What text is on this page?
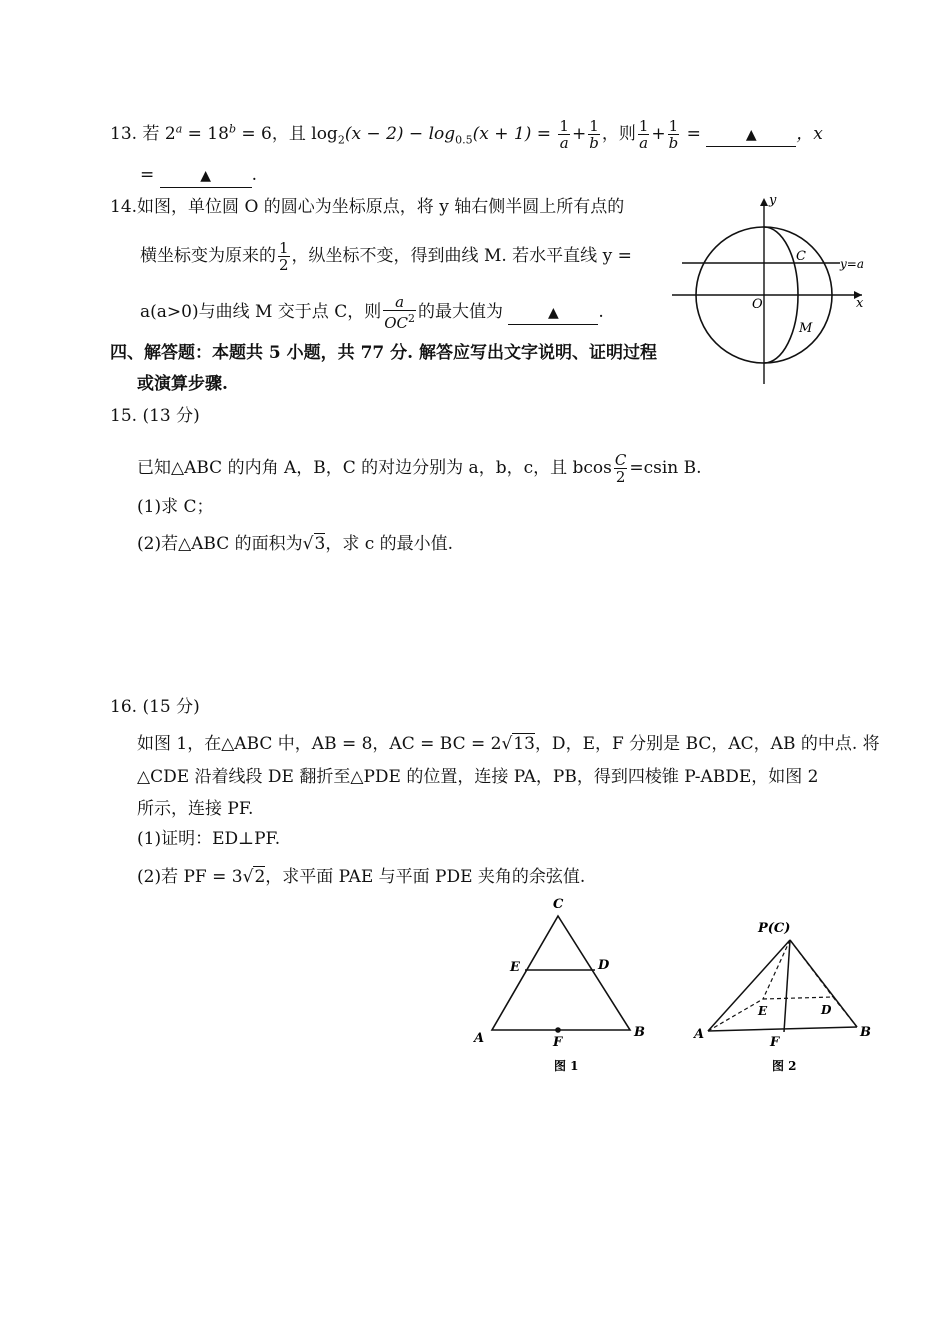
13. 若 $2^a = 18^b = 6$，且 $\log_2(x - 2) - \log_{0.5}(x + 1) = \frac{1}{a} + \frac{1}{b}$ ，则 $\frac{1}{a} + \frac{1}{b}$ =	▲ ，x
=	▲ .
14.如图，单位圆 O 的圆心为坐标原点，将 y 轴右侧半圆上所有点的
横坐标变为原来的 $\frac{1}{2}$ ，纵坐标不变，得到曲线 M. 若水平直线 y =
a(a>0)与曲线 M 交于点 C，则 $\frac{a}{OC^2}$ 的最大值为	▲ .
y
x
O
C
M
y=a
四、解答题：本题共 5 小题，共 77 分. 解答应写出文字说明、证明过程
或演算步骤.
15. (13 分)
已知△ABC 的内角 A，B，C 的对边分别为 a，b，c，且 bcos $\frac{C}{2} =csin$ B.
(1)求 C；
(2)若△ABC 的面积为√3，求 c 的最小值.
16. (15 分)
如图 1，在△ABC 中，AB = 8，AC = BC = 2√13，D，E，F 分别是 BC，AC，AB 的中点. 将
△CDE 沿着线段 DE 翻折至△PDE 的位置，连接 PA，PB，得到四棱锥 P-ABDE，如图 2
所示，连接 PF.
(1)证明：ED⊥PF.
(2)若 PF = 3√2，求平面 PAE 与平面 PDE 夹角的余弦值.
C
E	D
A	B
F
图 1
P(C)
E	D
A	B
F
图 2
